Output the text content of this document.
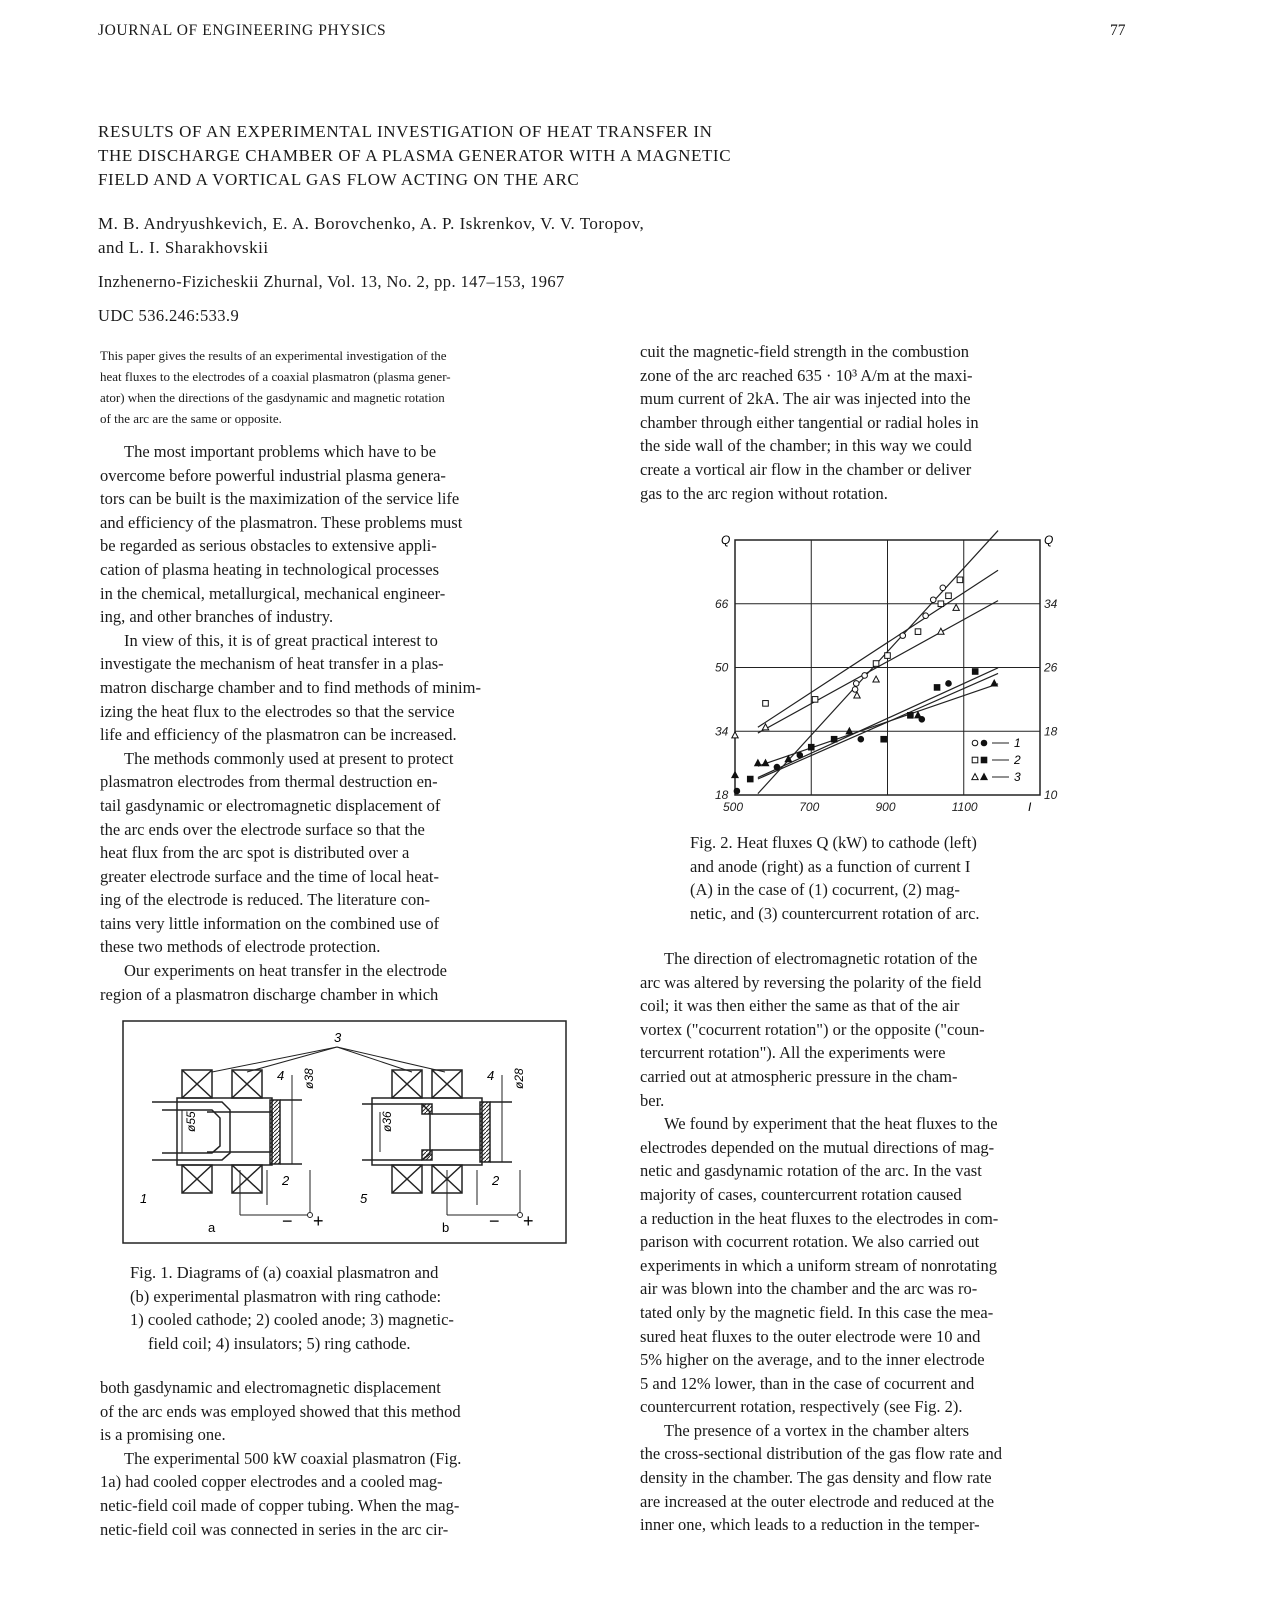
JOURNAL OF ENGINEERING PHYSICS	77
RESULTS OF AN EXPERIMENTAL INVESTIGATION OF HEAT TRANSFER IN
THE DISCHARGE CHAMBER OF A PLASMA GENERATOR WITH A MAGNETIC
FIELD AND A VORTICAL GAS FLOW ACTING ON THE ARC
M. B. Andryushkevich, E. A. Borovchenko, A. P. Iskrenkov, V. V. Toropov,
and L. I. Sharakhovskii
Inzhenerno-Fizicheskii Zhurnal, Vol. 13, No. 2, pp. 147–153, 1967
UDC 536.246:533.9
This paper gives the results of an experimental investigation of the
heat fluxes to the electrodes of a coaxial plasmatron (plasma gener-
ator) when the directions of the gasdynamic and magnetic rotation
of the arc are the same or opposite.
The most important problems which have to be
overcome before powerful industrial plasma genera-
tors can be built is the maximization of the service life
and efficiency of the plasmatron. These problems must
be regarded as serious obstacles to extensive appli-
cation of plasma heating in technological processes
in the chemical, metallurgical, mechanical engineer-
ing, and other branches of industry.
In view of this, it is of great practical interest to
investigate the mechanism of heat transfer in a plas-
matron discharge chamber and to find methods of minim-
izing the heat flux to the electrodes so that the service
life and efficiency of the plasmatron can be increased.
The methods commonly used at present to protect
plasmatron electrodes from thermal destruction en-
tail gasdynamic or electromagnetic displacement of
the arc ends over the electrode surface so that the
heat flux from the arc spot is distributed over a
greater electrode surface and the time of local heat-
ing of the electrode is reduced. The literature con-
tains very little information on the combined use of
these two methods of electrode protection.
Our experiments on heat transfer in the electrode
region of a plasmatron discharge chamber in which
3
ø55
ø38
4
2
1
a	− +
ø36
ø28
4
2
5
b − +
Fig. 1. Diagrams of (a) coaxial plasmatron and
(b) experimental plasmatron with ring cathode:
1) cooled cathode; 2) cooled anode; 3) magnetic-
field coil; 4) insulators; 5) ring cathode.
both gasdynamic and electromagnetic displacement
of the arc ends was employed showed that this method
is a promising one.
The experimental 500 kW coaxial plasmatron (Fig.
1a) had cooled copper electrodes and a cooled mag-
netic-field coil made of copper tubing. When the mag-
netic-field coil was connected in series in the arc cir-
cuit the magnetic-field strength in the combustion
zone of the arc reached 635 · 10³ A/m at the maxi-
mum current of 2kA. The air was injected into the
chamber through either tangential or radial holes in
the side wall of the chamber; in this way we could
create a vortical air flow in the chamber or deliver
gas to the arc region without rotation.
500	700	900	1100
18
34
50
66
10
18
26
34
Q	Q
I
1
2
3
Fig. 2. Heat fluxes Q (kW) to cathode (left)
and anode (right) as a function of current I
(A) in the case of (1) cocurrent, (2) mag-
netic, and (3) countercurrent rotation of arc.
The direction of electromagnetic rotation of the
arc was altered by reversing the polarity of the field
coil; it was then either the same as that of the air
vortex ("cocurrent rotation") or the opposite ("coun-
tercurrent rotation"). All the experiments were
carried out at atmospheric pressure in the cham-
ber.
We found by experiment that the heat fluxes to the
electrodes depended on the mutual directions of mag-
netic and gasdynamic rotation of the arc. In the vast
majority of cases, countercurrent rotation caused
a reduction in the heat fluxes to the electrodes in com-
parison with cocurrent rotation. We also carried out
experiments in which a uniform stream of nonrotating
air was blown into the chamber and the arc was ro-
tated only by the magnetic field. In this case the mea-
sured heat fluxes to the outer electrode were 10 and
5% higher on the average, and to the inner electrode
5 and 12% lower, than in the case of cocurrent and
countercurrent rotation, respectively (see Fig. 2).
The presence of a vortex in the chamber alters
the cross-sectional distribution of the gas flow rate and
density in the chamber. The gas density and flow rate
are increased at the outer electrode and reduced at the
inner one, which leads to a reduction in the temper-
